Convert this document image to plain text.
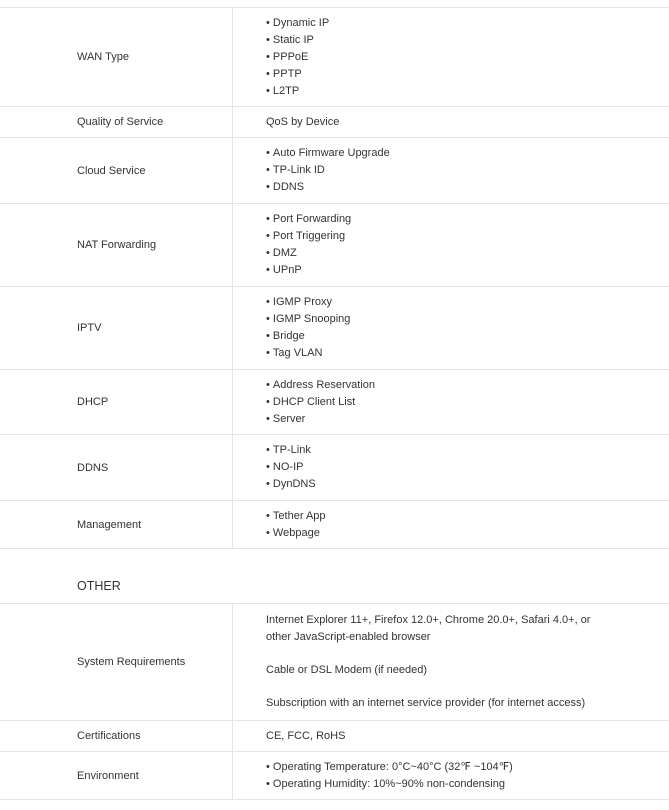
WAN Type
• Dynamic IP
• Static IP
• PPPoE
• PPTP
• L2TP
Quality of Service	QoS by Device
Cloud Service
• Auto Firmware Upgrade
• TP-Link ID
• DDNS
NAT Forwarding
• Port Forwarding
• Port Triggering
• DMZ
• UPnP
IPTV
• IGMP Proxy
• IGMP Snooping
• Bridge
• Tag VLAN
DHCP
• Address Reservation
• DHCP Client List
• Server
DDNS
• TP-Link
• NO-IP
• DynDNS
Management
• Tether App
• Webpage
OTHER
System Requirements
Internet Explorer 11+, Firefox 12.0+, Chrome 20.0+, Safari 4.0+, or
other JavaScript-enabled browser
Cable or DSL Modem (if needed)
Subscription with an internet service provider (for internet access)
Certifications	CE, FCC, RoHS
Environment
• Operating Temperature: 0°C~40°C (32℉ ~104℉)
• Operating Humidity: 10%~90% non-condensing
